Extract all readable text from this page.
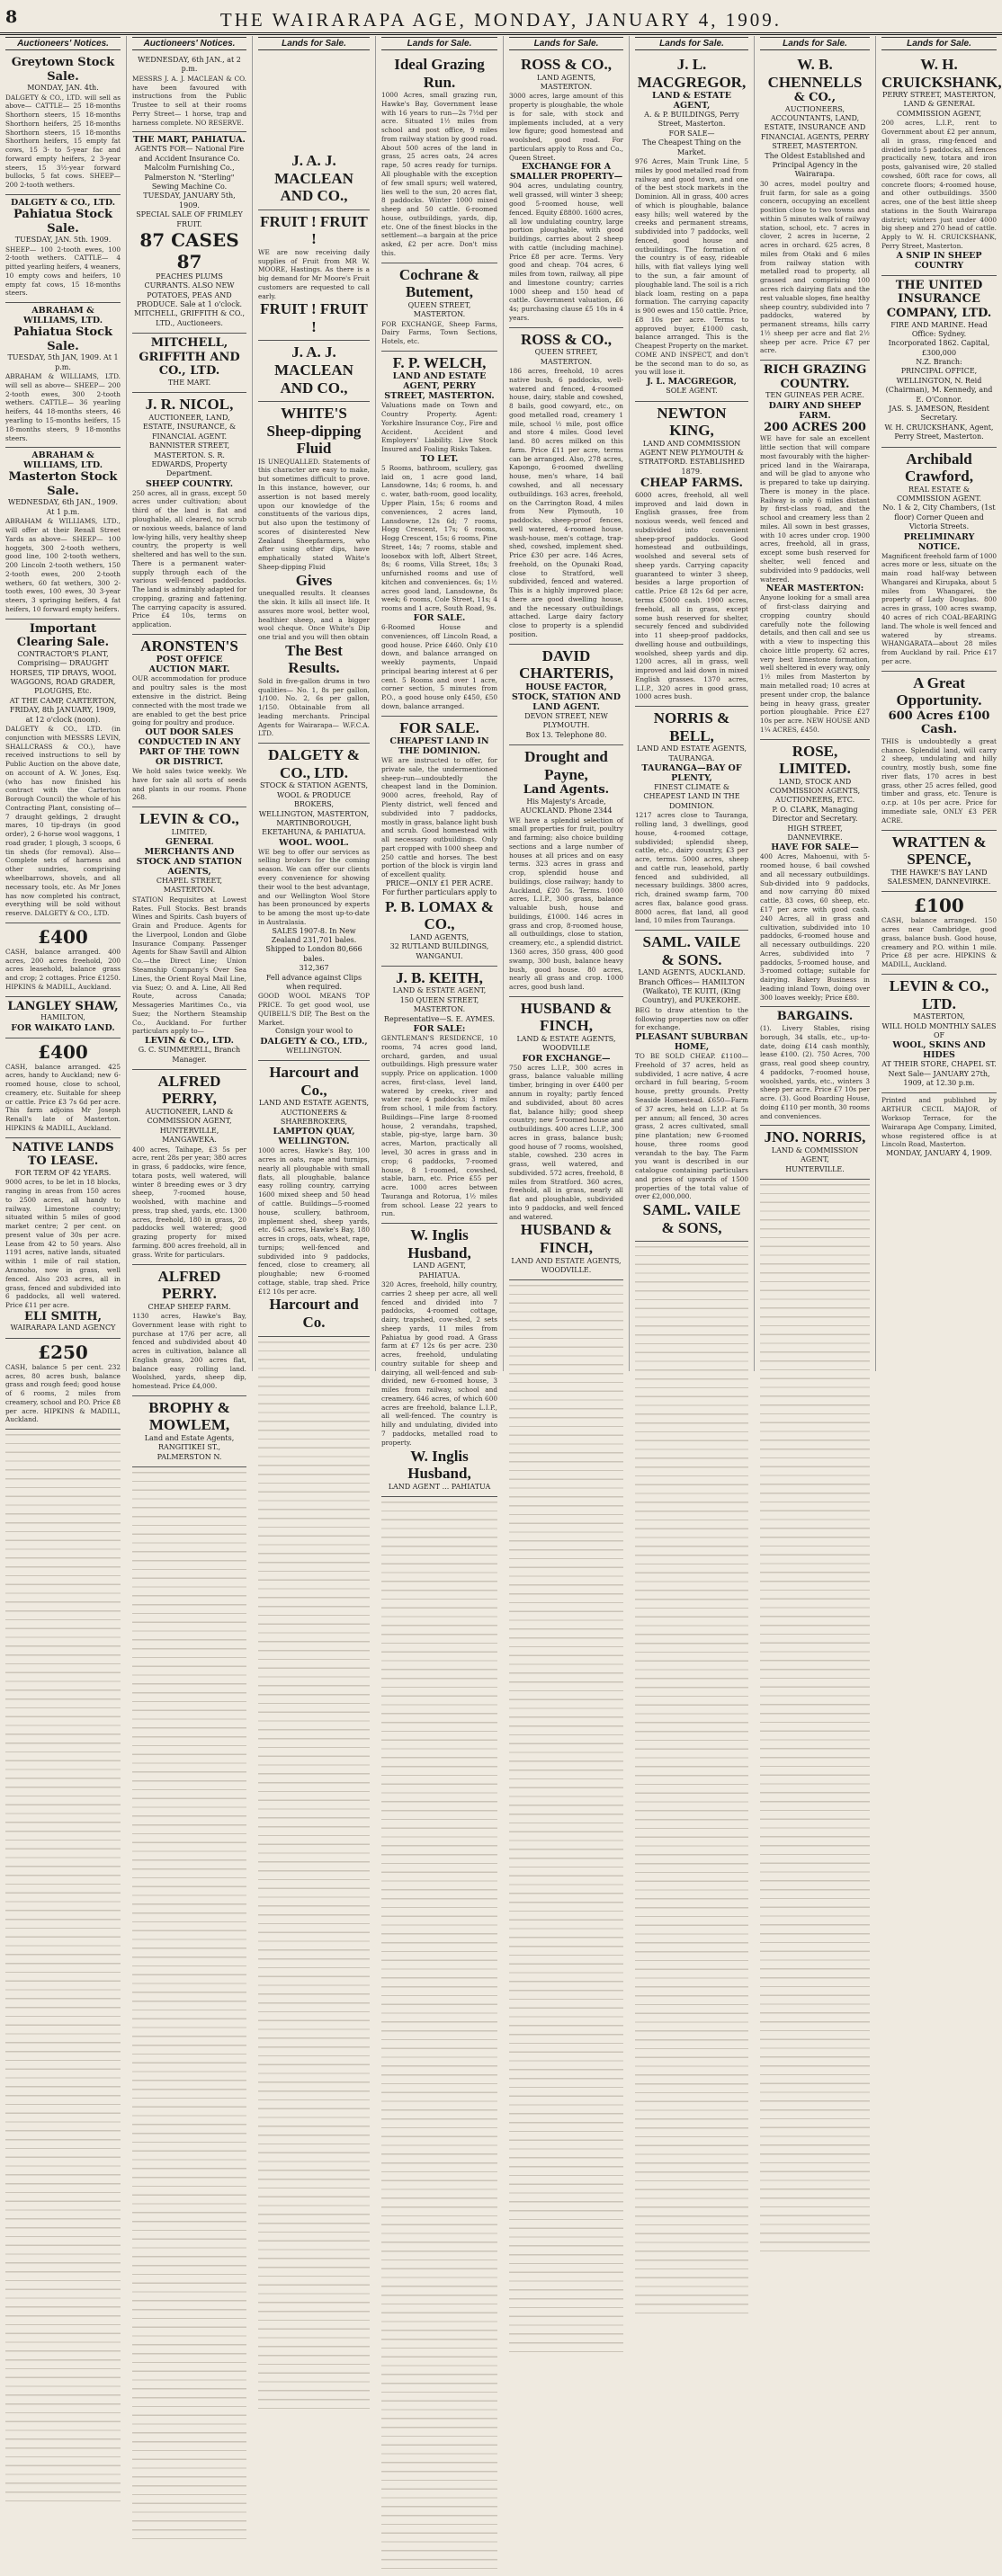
8	THE WAIRARAPA AGE, MONDAY, JANUARY 4, 1909.
Auctioneers' Notices.
Greytown Stock Sale.
MONDAY, JAN. 4th.
DALGETY & CO., LTD. will sell as above— CATTLE— 25 18-months Shorthorn steers, 15 18-months Shorthorn heifers, 25 18-months Shorthorn steers, 15 18-months Shorthorn heifers, 15 empty fat cows, 15 3- to 5-year fac and forward empty heifers, 2 3-year steers, 15 3½-year forward bullocks, 5 fat cows. SHEEP— 200 2-tooth wethers.
DALGETY & CO., LTD.
Pahiatua Stock Sale.
TUESDAY, JAN. 5th. 1909.
SHEEP— 100 2-tooth ewes, 100 2-tooth wethers. CATTLE— 4 pitted yearling heifers, 4 weaners, 10 empty cows and heifers, 10 empty fat cows, 15 18-months steers.
ABRAHAM & WILLIAMS, LTD.
Pahiatua Stock Sale.
TUESDAY, 5th JAN, 1909. At 1 p.m.
ABRAHAM & WILLIAMS, LTD. will sell as above— SHEEP— 200 2-tooth ewes, 300 2-tooth wethers. CATTLE— 36 yearling heifers, 44 18-months steers, 46 yearling to 15-months heifers, 15 18-months steers, 9 18-months steers.
ABRAHAM & WILLIAMS, LTD.
Masterton Stock Sale.
WEDNESDAY, 6th JAN., 1909. At 1 p.m.
ABRAHAM & WILLIAMS, LTD., will offer at their Renall Street Yards as above— SHEEP— 100 hoggets, 300 2-tooth wethers, good line, 100 2-tooth wethers, 200 Lincoln 2-tooth wethers, 150 2-tooth ewes, 200 2-tooth wethers, 60 fat wethers, 300 2-tooth ewes, 100 ewes, 30 3-year steers, 3 springing heifers, 4 fat heifers, 10 forward empty heifers.
Important Clearing Sale.
CONTRACTOR'S PLANT, Comprising— DRAUGHT HORSES, TIP DRAYS, WOOL WAGGONS, ROAD GRADER, PLOUGHS, Etc.
AT THE CAMP, CARTERTON,
FRIDAY, 8th JANUARY, 1909, at 12 o'clock (noon).
DALGETY & CO., LTD. (in conjunction with MESSRS LEVIN, SHALLCRASS & CO.), have received instructions to sell by Public Auction on the above date, on account of A. W. Jones, Esq. (who has now finished his contract with the Carterton Borough Council) the whole of his Contracting Plant, consisting of— 7 draught geldings, 2 draught mares, 10 tip-drays (in good order), 2 6-horse wool waggons, 1 road grader, 1 plough, 3 scoops, 6 tin sheds (for removal). Also—Complete sets of harness and other sundries, comprising wheelbarrows, shovels, and all necessary tools, etc. As Mr Jones has now completed his contract, everything will be sold without reserve. DALGETY & CO., LTD.
£400
CASH, balance arranged. 400 acres, 200 acres freehold, 200 acres leasehold, balance grass and crop; 2 cottages. Price £1250. HIPKINS & MADILL, Auckland.
LANGLEY SHAW,
HAMILTON,
FOR WAIKATO LAND.
£400
CASH, balance arranged. 425 acres, handy to Auckland; new 6-roomed house, close to school, creamery, etc. Suitable for sheep or cattle. Price £3 7s 6d per acre. This farm adjoins Mr Joseph Renall's late of Masterton. HIPKINS & MADILL, Auckland.
NATIVE LANDS TO LEASE.
FOR TERM OF 42 YEARS.
9000 acres, to be let in 18 blocks, ranging in areas from 150 acres to 2500 acres, all handy to railway. Limestone country; situated within 5 miles of good market centre; 2 per cent. on present value of 30s per acre. Lease from 42 to 50 years. Also 1191 acres, native lands, situated within 1 mile of rail station, Aramoho, now in grass, well fenced. Also 203 acres, all in grass, fenced and subdivided into 6 paddocks, all well watered. Price £11 per acre.
ELI SMITH,
WAIRARAPA LAND AGENCY
£250
CASH, balance 5 per cent. 232 acres, 80 acres bush, balance grass and rough feed; good house of 6 rooms, 2 miles from creamery, school and P.O. Price £8 per acre. HIPKINS & MADILL, Auckland.
Auctioneers' Notices.
WEDNESDAY, 6th JAN., at 2 p.m.
MESSRS J. A. J. MACLEAN & CO. have been favoured with instructions from the Public Trustee to sell at their rooms Perry Street— 1 horse, trap and harness complete. NO RESERVE.
THE MART, PAHIATUA.
AGENTS FOR— National Fire and Accident Insurance Co. Malcolm Furnishing Co., Palmerston N. "Sterling" Sewing Machine Co.
TUESDAY, JANUARY 5th, 1909.
SPECIAL SALE OF FRIMLEY FRUIT.
87 CASES 87
PEACHES PLUMS CURRANTS. ALSO NEW POTATOES, PEAS AND PRODUCE. Sale at 1 o'clock.
MITCHELL, GRIFFITH & CO., LTD., Auctioneers.
MITCHELL, GRIFFITH AND CO., LTD.
THE MART.
J. R. NICOL,
AUCTIONEER, LAND, ESTATE, INSURANCE, & FINANCIAL AGENT.
BANNISTER STREET, MASTERTON. S. R. EDWARDS, Property Department.
SHEEP COUNTRY.
250 acres, all in grass, except 50 acres under cultivation; about third of the land is flat and ploughable, all cleared, no scrub or noxious weeds, balance of land low-lying hills, very healthy sheep country, the property is well sheltered and has well to the sun. There is a permanent water-supply through each of the various well-fenced paddocks. The land is admirably adapted for cropping, grazing and fattening. The carrying capacity is assured. Price £4 10s, terms on application.
ARONSTEN'S
POST OFFICE AUCTION MART.
OUR accommodation for produce and poultry sales is the most extensive in the district. Being connected with the most trade we are enabled to get the best price going for poultry and produce.
OUT DOOR SALES CONDUCTED IN ANY PART OF THE TOWN OR DISTRICT.
We hold sales twice weekly. We have for sale all sorts of seeds and plants in our rooms. Phone 268.
LEVIN & CO.,
LIMITED,
GENERAL MERCHANTS AND STOCK AND STATION AGENTS,
CHAPEL STREET, MASTERTON.
STATION Requisites at Lowest Rates. Full Stocks. Best brands Wines and Spirits. Cash buyers of Grain and Produce. Agents for the Liverpool, London and Globe Insurance Company. Passenger Agents for Shaw Savill and Albion Co.—the Direct Line; Union Steamship Company's Over Sea Lines, the Orient Royal Mail Line, via Suez; O. and A. Line, All Red Route, across Canada; Messageries Maritimes Co., via Suez; the Northern Steamship Co., Auckland. For further particulars apply to—
LEVIN & CO., LTD.
G. C. SUMMERELL, Branch Manager.
ALFRED PERRY,
AUCTIONEER, LAND & COMMISSION AGENT,
HUNTERVILLE, MANGAWEKA.
400 acres, Taihape, £3 5s per acre, rent 28s per year; 380 acres in grass, 6 paddocks, wire fence, totara posts, well watered, will winter 8 breeding ewes or 3 dry sheep, 7-roomed house, woolshed, with machine and press, trap shed, yards, etc. 1300 acres, freehold, 180 in grass, 20 paddocks well watered; good grazing property for mixed farming. 800 acres freehold, all in grass. Write for particulars.
ALFRED PERRY.
CHEAP SHEEP FARM.
1130 acres, Hawke's Bay, Government lease with right to purchase at 17/6 per acre, all fenced and subdivided about 40 acres in cultivation, balance all English grass, 200 acres flat, balance easy rolling land. Woolshed, yards, sheep dip, homestead. Price £4,000.
BROPHY & MOWLEM,
Land and Estate Agents, RANGITIKEI ST., PALMERSTON N.
Lands for Sale.
J. A. J. MACLEAN AND CO.,
FRUIT ! FRUIT !
WE are now receiving daily supplies of Fruit from MR W. MOORE, Hastings. As there is a big demand for Mr Moore's Fruit customers are requested to call early.
FRUIT ! FRUIT !
J. A. J. MACLEAN AND CO.,
WHITE'S Sheep-dipping Fluid
IS UNEQUALLED. Statements of this character are easy to make, but sometimes difficult to prove. In this instance, however, our assertion is not based merely upon our knowledge of the constituents of the various dips, but also upon the testimony of scores of disinterested New Zealand Sheepfarmers, who after using other dips, have emphatically stated White's Sheep-dipping Fluid
Gives
unequalled results. It cleanses the skin. It kills all insect life. It assures more wool, better wool, healthier sheep, and a bigger wool cheque. Once White's Dip one trial and you will then obtain
The Best Results.
Sold in five-gallon drums in two qualities— No. 1, 8s per gallon, 1/100. No. 2, 6s per gallon, 1/150. Obtainable from all leading merchants. Principal Agents for Wairarapa— W.F.C.A. LTD.
DALGETY & CO., LTD.
STOCK & STATION AGENTS, WOOL & PRODUCE BROKERS,
WELLINGTON, MASTERTON, MARTINBOROUGH, EKETAHUNA, & PAHIATUA.
WOOL. WOOL.
WE beg to offer our services as selling brokers for the coming season. We can offer our clients every convenience for showing their wool to the best advantage, and our Wellington Wool Store has been pronounced by experts to be among the most up-to-date in Australasia.
SALES 1907-8. In New Zealand 231,701 bales. Shipped to London 80,666 bales.
312,367
Fell advance against Clips when required.
GOOD WOOL MEANS TOP PRICE. To get good wool, use QUIBELL'S DIP, The Best on the Market.
Consign your wool to
DALGETY & CO., LTD.,
WELLINGTON.
Harcourt and Co.,
LAND AND ESTATE AGENTS, AUCTIONEERS & SHAREBROKERS,
LAMPTON QUAY, WELLINGTON.
1000 acres, Hawke's Bay, 100 acres in oats, rape and turnips, nearly all ploughable with small flats, all ploughable, balance easy rolling country, carrying 1600 mixed sheep and 50 head of cattle. Buildings—5-roomed house, scullery, bathroom, implement shed, sheep yards, etc. 645 acres, Hawke's Bay, 180 acres in crops, oats, wheat, rape, turnips; well-fenced and subdivided into 9 paddocks, fenced, close to creamery, all ploughable; new 6-roomed cottage, stable, trap shed. Price £12 10s per acre.
Harcourt and Co.
Lands for Sale.
Ideal Grazing Run.
1000 Acres, small grazing run, Hawke's Bay, Government lease with 16 years to run—2s 7½d per acre. Situated 1½ miles from school and post office, 9 miles from railway station by good road. About 500 acres of the land in grass, 25 acres oats, 24 acres rape, 50 acres ready for turnips. All ploughable with the exception of few small spurs; well watered, lies well to the sun, 20 acres flat, 8 paddocks. Winter 1000 mixed sheep and 50 cattle. 6-roomed house, outbuildings, yards, dip, etc. One of the finest blocks in the settlement—a bargain at the price asked, £2 per acre. Don't miss this.
Cochrane & Butement,
QUEEN STREET, MASTERTON.
FOR EXCHANGE, Sheep Farms, Dairy Farms, Town Sections, Hotels, etc.
F. P. WELCH,
LAND AND ESTATE AGENT, PERRY STREET, MASTERTON.
Valuations made on Town and Country Property. Agent: Yorkshire Insurance Coy., Fire and Accident. Accident and Employers' Liability. Live Stock Insured and Foaling Risks Taken.
TO LET.
5 Rooms, bathroom, scullery, gas laid on, 1 acre good land, Lansdowne, 14s; 6 rooms, h. and c. water, bath-room, good locality, Upper Plain, 15s; 6 rooms and conveniences, 2 acres land, Lansdowne, 12s 6d; 7 rooms, Hogg Crescent, 17s; 6 rooms, Hogg Crescent, 15s; 6 rooms, Pine Street, 14s; 7 rooms, stable and loosebox with loft, Albert Street, 8s; 6 rooms, Villa Street, 18s; 3 unfurnished rooms and use of kitchen and conveniences. 6s; 1½ acres good land, Lansdowne, 8s week; 6 rooms, Cole Street, 11s; 4 rooms and 1 acre, South Road, 9s.
FOR SALE.
6-Roomed House and conveniences, off Lincoln Road, a good house. Price £460. Only £10 down, and balance arranged on weekly payments, Unpaid principal bearing interest at 6 per cent. 5 Rooms and over 1 acre, corner section, 5 minutes from P.O., a good house only £450, £50 down, balance arranged.
FOR SALE.
CHEAPEST LAND IN THE DOMINION.
WE are instructed to offer, for private sale, the undermentioned sheep-run—undoubtedly the cheapest land in the Dominion. 9000 acres, freehold, Ray of Plenty district, well fenced and subdivided into 7 paddocks, mostly in grass, balance light bush and scrub. Good homestead with all necessary outbuildings. Only part cropped with 1000 sheep and 250 cattle and horses. The best portion of the block is virgin land of excellent quality.
PRICE—ONLY £1 PER ACRE.
For further particulars apply to
P. B. LOMAX & CO.,
LAND AGENTS,
32 RUTLAND BUILDINGS, WANGANUI.
J. B. KEITH,
LAND & ESTATE AGENT,
150 QUEEN STREET, MASTERTON.
Representative—S. E. AYMES.
FOR SALE:
GENTLEMAN'S RESIDENCE, 10 rooms, 74 acres good land, orchard, garden, and usual outbuildings. High pressure water supply. Price on application. 1000 acres, first-class, level land, watered by creeks, river and water race; 4 paddocks; 3 miles from school, 1 mile from factory. Buildings—Fine large 8-roomed house, 2 verandahs, trapshed, stable, pig-stye, large barn. 30 acres, Marton, practically all level, 30 acres in grass and in crop; 6 paddocks, 7-roomed house, 8 1-roomed, cowshed, stable, barn, etc. Price £55 per acre. 1000 acres between Tauranga and Rotorua, 1½ miles from school. Lease 22 years to run.
W. Inglis Husband,
LAND AGENT,
PAHIATUA.
320 Acres, freehold, hilly country, carries 2 sheep per acre, all well fenced and divided into 7 paddocks, 4-roomed cottage, dairy, trapshed, cow-shed, 2 sets sheep yards, 11 miles from Pahiatua by good road. A Grass farm at £7 12s 6s per acre. 230 acres, freehold, undulating country suitable for sheep and dairying, all well-fenced and sub-divided, new 6-roomed house, 3 miles from railway, school and creamery. 646 acres, of which 600 acres are freehold, balance L.I.P., all well-fenced. The country is hilly and undulating, divided into 7 paddocks, metalled road to property.
W. Inglis Husband,
LAND AGENT ... PAHIATUA
Lands for Sale.
ROSS & CO.,
LAND AGENTS,
MASTERTON.
3000 acres, large amount of this property is ploughable, the whole is for sale, with stock and implements included, at a very low figure; good homestead and woolshed, good road. For particulars apply to Ross and Co., Queen Street.
EXCHANGE FOR A SMALLER PROPERTY—
904 acres, undulating country, well grassed, will winter 3 sheep; good 5-roomed house, well fenced. Equity £8800. 1600 acres, all low undulating country, large portion ploughable, with good buildings, carries about 2 sheep with cattle (including machine). Price £8 per acre. Terms. Very good and cheap. 704 acres, 6 miles from town, railway, all pipe and limestone country; carries 1000 sheep and 150 head of cattle. Government valuation, £6 4s; purchasing clause £5 10s in 4 years.
ROSS & CO.,
QUEEN STREET, MASTERTON.
186 acres, freehold, 10 acres native bush, 6 paddocks, well-watered and fenced, 4-roomed house, dairy, stable and cowshed, 8 bails, good cowyard, etc., on good metalled road, creamery 1 mile, school ½ mile, post office and store 4 miles. Good level land. 80 acres milked on this farm. Price £11 per acre, terms can be arranged. Also, 278 acres, Kapongo, 6-roomed dwelling house, men's whare, 14 bail cowshed, and all necessary outbuildings. 163 acres, freehold, on the Carrington Road, 4 miles from New Plymouth, 10 paddocks, sheep-proof fences, well watered, 4-roomed house, wash-house, men's cottage, trap-shed, cowshed, implement shed. Price £30 per acre. 146 Acres, freehold, on the Opunaki Road, close to Stratford, well subdivided, fenced and watered. This is a highly improved place; there are good dwelling house, and the necessary outbuildings attached. Large dairy factory close to property is a splendid position.
DAVID CHARTERIS,
HOUSE FACTOR, STOCK, STATION AND LAND AGENT.
DEVON STREET, NEW PLYMOUTH.
Box 13. Telephone 80.
Drought and Payne,
Land Agents.
His Majesty's Arcade, AUCKLAND. Phone 2344
WE have a splendid selection of small properties for fruit, poultry and farming; also choice building sections and a large number of houses at all prices and on easy terms. 323 acres in grass and crop, splendid house and buildings, close railway; handy to Auckland, £20 5s. Terms. 1000 acres, L.I.P., 300 grass, balance valuable bush, house and buildings, £1000. 146 acres in grass and crop, 8-roomed house, all outbuildings, close to station, creamery, etc., a splendid district. 1360 acres, 350 grass, 400 good swamp, 300 bush, balance heavy bush, good house. 80 acres, nearly all grass and crop. 1000 acres, good bush land.
HUSBAND & FINCH,
LAND & ESTATE AGENTS, WOODVILLE
FOR EXCHANGE—
750 acres L.I.P., 300 acres in grass, balance valuable milling timber, bringing in over £400 per annum in royalty; partly fenced and subdivided, about 80 acres flat, balance hilly; good sheep country; new 5-roomed house and outbuildings. 400 acres L.I.P., 300 acres in grass, balance bush; good house of 7 rooms, woolshed, stable, cowshed. 230 acres in grass, well watered, and subdivided. 572 acres, freehold, 8 miles from Stratford. 360 acres, freehold, all in grass, nearly all flat and ploughable, subdivided into 9 paddocks, and well fenced and watered.
HUSBAND & FINCH,
LAND AND ESTATE AGENTS, WOODVILLE.
Lands for Sale.
J. L. MACGREGOR,
LAND & ESTATE AGENT,
A. & P. BUILDINGS, Perry Street, Masterton.
FOR SALE—
The Cheapest Thing on the Market.
976 Acres, Main Trunk Line, 5 miles by good metalled road from railway and good town, and one of the best stock markets in the Dominion. All in grass, 400 acres of which is ploughable, balance easy hills; well watered by the creeks and permanent streams, subdivided into 7 paddocks, well fenced, good house and outbuildings. The formation of the country is of easy, rideable hills, with flat valleys lying well to the sun, a fair amount of ploughable land. The soil is a rich black loam, resting on a papa formation. The carrying capacity is 900 ewes and 150 cattle. Price, £8 10s per acre. Terms to approved buyer, £1000 cash, balance arranged. This is the Cheapest Property on the market. COME AND INSPECT, and don't be the second man to do so, as you will lose it.
J. L. MACGREGOR,
SOLE AGENT.
NEWTON KING,
LAND AND COMMISSION AGENT NEW PLYMOUTH & STRATFORD. ESTABLISHED 1879.
CHEAP FARMS.
6000 acres, freehold, all well improved and laid down in English grasses, free from noxious weeds, well fenced and subdivided into convenient sheep-proof paddocks. Good homestead and outbuildings, woolshed and several sets of sheep yards. Carrying capacity guaranteed to winter 3 sheep, besides a large proportion of cattle. Price £8 12s 6d per acre, terms £5000 cash. 1900 acres, freehold, all in grass, except some bush reserved for shelter, securely fenced and subdivided into 11 sheep-proof paddocks, dwelling house and outbuildings, woolshed, sheep yards and dip. 1200 acres, all in grass, well improved and laid down in mixed English grasses. 1370 acres, L.I.P., 320 acres in good grass, 1000 acres bush.
NORRIS & BELL,
LAND AND ESTATE AGENTS, TAURANGA.
TAURANGA—BAY OF PLENTY,
FINEST CLIMATE & CHEAPEST LAND IN THE DOMINION.
1217 acres close to Tauranga, rolling land, 3 dwellings, good house, 4-roomed cottage, subdivided; splendid sheep, cattle, etc., dairy country, £3 per acre, terms. 5000 acres, sheep and cattle run, leasehold, partly fenced and subdivided, all necessary buildings. 3800 acres, rich, drained swamp farm, 700 acres flax, balance good grass. 8000 acres, flat land, all good land, 10 miles from Tauranga.
SAML. VAILE & SONS.
LAND AGENTS, AUCKLAND.
Branch Offices— HAMILTON (Waikato), TE KUITI, (King Country), and PUKEKOHE.
BEG to draw attention to the following properties now on offer for exchange.
PLEASANT SUBURBAN HOME,
TO BE SOLD CHEAP. £1100—Freehold of 37 acres, held as subdivided, 1 acre native, 4 acre orchard in full bearing, 5-room house, pretty grounds. Pretty Seaside Homestead. £650—Farm of 37 acres, held on L.I.P. at 5s per annum; all fenced, 30 acres grass, 2 acres cultivated, small pine plantation; new 6-roomed house, three rooms good verandah to the bay. The Farm you want is described in our catalogue containing particulars and prices of upwards of 1500 properties of the total value of over £2,000,000.
SAML. VAILE & SONS,
Lands for Sale.
W. B. CHENNELLS
& CO.,
AUCTIONEERS, ACCOUNTANTS, LAND, ESTATE, INSURANCE AND FINANCIAL AGENTS, PERRY STREET, MASTERTON.
The Oldest Established and Principal Agency in the Wairarapa.
30 acres, model poultry and fruit farm, for sale as a going concern, occupying an excellent position close to two towns and within 5 minutes walk of railway station, school, etc. 7 acres in clover, 2 acres in lucerne, 2 acres in orchard. 625 acres, 8 miles from Otaki and 6 miles from railway station with metalled road to property, all grassed and comprising 100 acres rich dairying flats and the rest valuable slopes, fine healthy sheep country, subdivided into 7 paddocks, watered by permanent streams, hills carry 1½ sheep per acre and flat 2½ sheep per acre. Price £7 per acre.
RICH GRAZING COUNTRY.
TEN GUINEAS PER ACRE.
DAIRY AND SHEEP FARM.
200 ACRES 200
WE have for sale an excellent little section that will compare most favourably with the higher-priced land in the Wairarapa, and will be glad to anyone who is prepared to take up dairying. There is money in the place. Railway is only 6 miles distant by first-class road, and the school and creamery less than 2 miles. All sown in best grasses, with 10 acres under crop. 1900 acres, freehold, all in grass, except some bush reserved for shelter, well fenced and subdivided into 9 paddocks, well watered.
NEAR MASTERTON:
Anyone looking for a small area of first-class dairying and cropping country should carefully note the following details, and then call and see us with a view to inspecting this choice little property. 62 acres, very best limestone formation, well sheltered in every way, only 1½ miles from Masterton by main metalled road; 10 acres at present under crop, the balance being in heavy grass, greater portion ploughable. Price £27 10s per acre. NEW HOUSE AND 1¼ ACRES, £450.
ROSE, LIMITED.
LAND, STOCK AND COMMISSION AGENTS, AUCTIONEERS, ETC.
P. O. CLARK, Managing Director and Secretary.
HIGH STREET, DANNEVIRKE.
HAVE FOR SALE—
400 Acres, Mahoenui, with 5-roomed house, 6 bail cowshed and all necessary outbuildings. Sub-divided into 9 paddocks, and now carrying 80 mixed cattle, 83 cows, 60 sheep, etc. £17 per acre with good cash. 240 Acres, all in grass and cultivation, subdivided into 10 paddocks, 6-roomed house and all necessary outbuildings. 220 Acres, subdivided into 7 paddocks, 5-roomed house, and 3-roomed cottage; suitable for dairying. Bakery Business in leading inland Town, doing over 300 loaves weekly; Price £80.
BARGAINS.
(1). Livery Stables, rising borough, 34 stalls, etc., up-to-date, doing £14 cash monthly, lease £100. (2). 750 Acres, 700 grass, real good sheep country, 4 paddocks, 7-roomed house, woolshed, yards, etc., winters 3 sheep per acre. Price £7 10s per acre. (3). Good Boarding House, doing £110 per month, 30 rooms and conveniences.
JNO. NORRIS,
LAND & COMMISSION AGENT,
HUNTERVILLE.
Lands for Sale.
W. H. CRUICKSHANK,
PERRY STREET, MASTERTON, LAND & GENERAL COMMISSION AGENT,
200 acres, L.I.P., rent to Government about £2 per annum, all in grass, ring-fenced and divided into 5 paddocks, all fences practically new, totara and iron posts, galvanised wire, 20 stalled cowshed, 60ft race for cows, all concrete floors; 4-roomed house, and other outbuildings. 3500 acres, one of the best little sheep stations in the South Wairarapa district; winters just under 4000 big sheep and 270 head of cattle. Apply to W. H. CRUICKSHANK, Perry Street, Masterton.
A SNIP IN SHEEP COUNTRY
THE UNITED INSURANCE COMPANY, LTD.
FIRE AND MARINE. Head Office: Sydney.
Incorporated 1862. Capital, £300,000
N.Z. Branch:
PRINCIPAL OFFICE, WELLINGTON, N. Reid (Chairman), M. Kennedy, and E. O'Connor.
JAS. S. JAMESON, Resident Secretary.
W. H. CRUICKSHANK, Agent, Perry Street, Masterton.
Archibald Crawford,
REAL ESTATE & COMMISSION AGENT.
No. 1 & 2, City Chambers, (1st floor) Corner Queen and Victoria Streets.
PRELIMINARY NOTICE.
Magnificent freehold farm of 1000 acres more or less, situate on the main road half-way between Whangarei and Kirupaka, about 5 miles from Whangarei, the property of Lady Douglas. 800 acres in grass, 100 acres swamp, 40 acres of rich COAL-BEARING land. The whole is well fenced and watered by streams. WHANGARATA—about 28 miles from Auckland by rail. Price £17 per acre.
A Great Opportunity.
600 Acres £100 Cash.
THIS is undoubtedly a great chance. Splendid land, will carry 2 sheep, undulating and hilly country, mostly bush, some fine river flats, 170 acres in best grass, other 25 acres felled, good timber and grass, etc. Tenure is o.r.p. at 10s per acre. Price for immediate sale, ONLY £3 PER ACRE.
WRATTEN & SPENCE,
THE HAWKE'S BAY LAND SALESMEN, DANNEVIRKE.
£100
CASH, balance arranged. 150 acres near Cambridge, good grass, balance bush. Good house, creamery and P.O. within 1 mile. Price £8 per acre. HIPKINS & MADILL, Auckland.
LEVIN & CO., LTD.
MASTERTON,
WILL HOLD MONTHLY SALES OF
WOOL, SKINS AND HIDES
AT THEIR STORE, CHAPEL ST.
Next Sale— JANUARY 27th, 1909, at 12.30 p.m.
Printed and published by ARTHUR CECIL MAJOR, of Worksop Terrace, for the Wairarapa Age Company, Limited, whose registered office is at Lincoln Road, Masterton.
MONDAY, JANUARY 4, 1909.
